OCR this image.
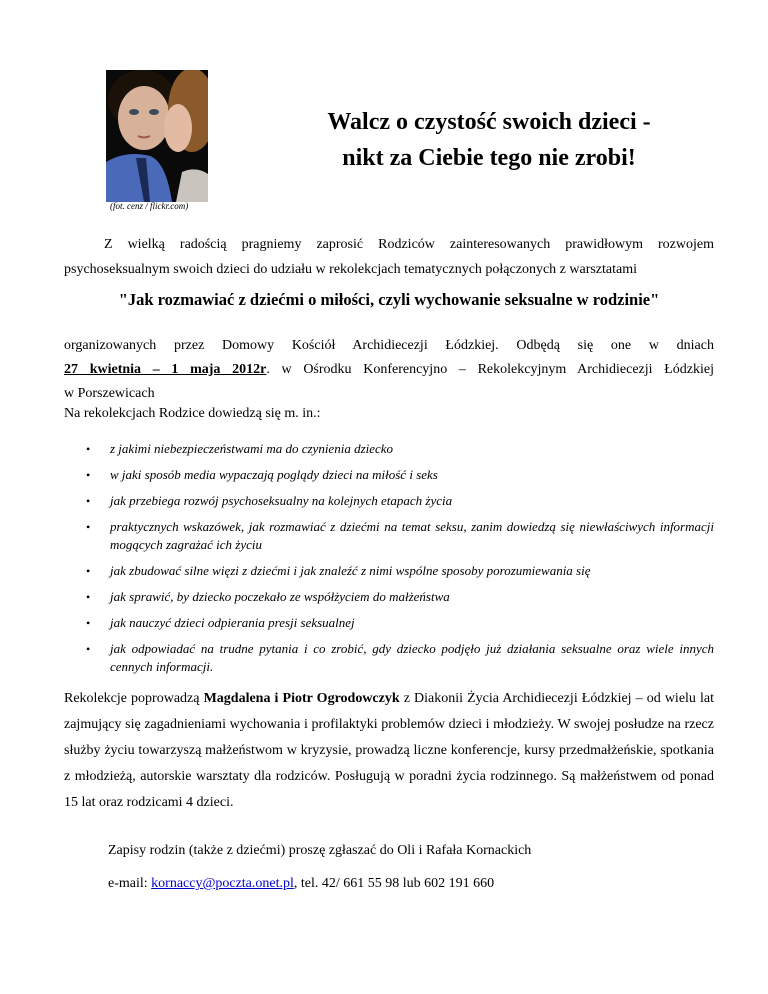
(fot. cenz / flickr.com)
Walcz o czystość swoich dzieci -
nikt za Ciebie tego nie zrobi!

Z wielką radością pragniemy zaprosić Rodziców zainteresowanych prawidłowym rozwojem psychoseksualnym swoich dzieci do udziału w rekolekcjach tematycznych połączonych z warsztatami

"Jak rozmawiać z dziećmi o miłości, czyli wychowanie seksualne w rodzinie"

organizowanych przez Domowy Kościół Archidiecezji Łódzkiej. Odbędą się one w dniach

27 kwietnia – 1 maja 2012r. w Ośrodku Konferencyjno – Rekolekcyjnym Archidiecezji Łódzkiej

w Porszewicach

Na rekolekcjach Rodzice dowiedzą się m. in.:
• z jakimi niebezpieczeństwami ma do czynienia dziecko
• w jaki sposób media wypaczają poglądy dzieci na miłość i seks
• jak przebiega rozwój psychoseksualny na kolejnych etapach życia
• praktycznych wskazówek, jak rozmawiać z dziećmi na temat seksu, zanim dowiedzą się niewłaściwych informacji mogących zagrażać ich życiu
• jak zbudować silne więzi z dziećmi i jak znaleźć z nimi wspólne sposoby porozumiewania się
• jak sprawić, by dziecko poczekało ze współżyciem do małżeństwa
• jak nauczyć dzieci odpierania presji seksualnej
• jak odpowiadać na trudne pytania i co zrobić, gdy dziecko podjęło już działania seksualne oraz wiele innych cennych informacji.

Rekolekcje poprowadzą Magdalena i Piotr Ogrodowczyk z Diakonii Życia Archidiecezji Łódzkiej – od wielu lat zajmujący się zagadnieniami wychowania i profilaktyki problemów dzieci i młodzieży. W swojej posłudze na rzecz służby życiu towarzyszą małżeństwom w kryzysie, prowadzą liczne konferencje, kursy przedmałżeńskie, spotkania z młodzieżą, autorskie warsztaty dla rodziców. Posługują w poradni życia rodzinnego. Są małżeństwem od ponad 15 lat oraz rodzicami 4 dzieci.

Zapisy rodzin (także z dziećmi) proszę zgłaszać do Oli i Rafała Kornackich
e-mail: kornaccy@poczta.onet.pl, tel. 42/ 661 55 98 lub 602 191 660
